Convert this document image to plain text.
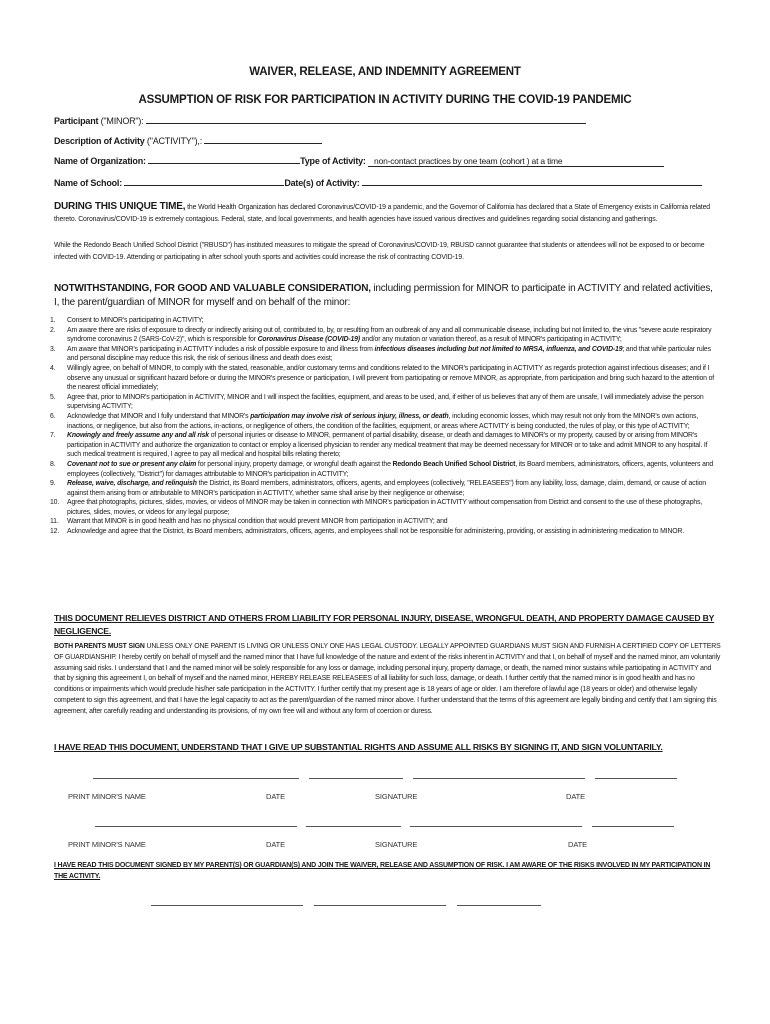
WAIVER, RELEASE, AND INDEMNITY AGREEMENT
ASSUMPTION OF RISK FOR PARTICIPATION IN ACTIVITY DURING THE COVID-19 PANDEMIC
Participant ("MINOR"):
Description of Activity ("ACTIVITY"),:
Name of Organization:	Type of Activity: non-contact practices by one team (cohort ) at a time
Name of School:	Date(s) of Activity:
DURING THIS UNIQUE TIME, the World Health Organization has declared Coronavirus/COVID-19 a pandemic, and the Governor of California has declared that a State of Emergency exists in California related thereto. Coronavirus/COVID-19 is extremely contagious. Federal, state, and local governments, and health agencies have issued various directives and guidelines regarding social distancing and gatherings.
While the Redondo Beach Unified School District ("RBUSD") has instituted measures to mitigate the spread of Coronavirus/COVID-19, RBUSD cannot guarantee that students or attendees will not be exposed to or become infected with COVID-19. Attending or participating in after school youth sports and activities could increase the risk of contracting COVID-19.
NOTWITHSTANDING, FOR GOOD AND VALUABLE CONSIDERATION, including permission for MINOR to participate in ACTIVITY and related activities, I, the parent/guardian of MINOR for myself and on behalf of the minor:
1. Consent to MINOR's participating in ACTIVITY;
2. Am aware there are risks of exposure to directly or indirectly arising out of, contributed to, by, or resulting from an outbreak of any and all communicable disease, including but not limited to, the virus "severe acute respiratory syndrome coronavirus 2 (SARS-CoV-2)", which is responsible for Coronavirus Disease (COVID-19) and/or any mutation or variation thereof, as a result of MINOR's participating in ACTIVITY;
3. Am aware that MINOR's participating in ACTIVITY includes a risk of possible exposure to and illness from infectious diseases including but not limited to MRSA, influenza, and COVID-19; and that while particular rules and personal discipline may reduce this risk, the risk of serious illness and death does exist;
4. Willingly agree, on behalf of MINOR, to comply with the stated, reasonable, and/or customary terms and conditions related to the MINOR's participating in ACTIVITY as regards protection against infectious diseases; and if I observe any unusual or significant hazard before or during the MINOR's presence or participation, I will prevent from participating or remove MINOR, as appropriate, from participation and bring such hazard to the attention of the nearest official immediately;
5. Agree that, prior to MINOR's participation in ACTIVITY, MINOR and I will inspect the facilities, equipment, and areas to be used, and, if either of us believes that any of them are unsafe, I will immediately advise the person supervising ACTIVITY;
6. Acknowledge that MINOR and I fully understand that MINOR's participation may involve risk of serious injury, illness, or death, including economic losses, which may result not only from the MINOR's own actions, inactions, or negligence, but also from the actions, in-actions, or negligence of others, the condition of the facilities, equipment, or areas where ACTIVITY is being conducted, the rules of play, or this type of ACTIVITY;
7. Knowingly and freely assume any and all risk of personal injuries or disease to MINOR, permanent of partial disability, disease, or death and damages to MINOR's or my property, caused by or arising from MINOR's participation in ACTIVITY and authorize the organization to contact or employ a licensed physician to render any medical treatment that may be deemed necessary for MINOR or to take and admit MINOR to any hospital. If such medical treatment is required, I agree to pay all medical and hospital bills relating thereto;
8. Covenant not to sue or present any claim for personal injury, property damage, or wrongful death against the Redondo Beach Unified School District, its Board members, administrators, officers, agents, volunteers and employees (collectively, "District") for damages attributable to MINOR's participation in ACTIVITY;
9. Release, waive, discharge, and relinquish the District, its Board members, administrators, officers, agents, and employees (collectively, "RELEASEES") from any liability, loss, damage, claim, demand, or cause of action against them arising from or attributable to MINOR's participation in ACTIVITY, whether same shall arise by their negligence or otherwise;
10. Agree that photographs, pictures, slides, movies, or videos of MINOR may be taken in connection with MINOR's participation in ACTIVITY without compensation from District and consent to the use of these photographs, pictures, slides, movies, or videos for any legal purpose;
11. Warrant that MINOR is in good health and has no physical condition that would prevent MINOR from participation in ACTIVITY; and
12. Acknowledge and agree that the District, its Board members, administrators, officers, agents, and employees shall not be responsible for administering, providing, or assisting in administering medication to MINOR.
THIS DOCUMENT RELIEVES DISTRICT AND OTHERS FROM LIABILITY FOR PERSONAL INJURY, DISEASE, WRONGFUL DEATH, AND PROPERTY DAMAGE CAUSED BY NEGLIGENCE.
BOTH PARENTS MUST SIGN UNLESS ONLY ONE PARENT IS LIVING OR UNLESS ONLY ONE HAS LEGAL CUSTODY. LEGALLY APPOINTED GUARDIANS MUST SIGN AND FURNISH A CERTIFIED COPY OF LETTERS OF GUARDIANSHIP. I hereby certify on behalf of myself and the named minor that I have full knowledge of the nature and extent of the risks inherent in ACTIVITY and that I, on behalf of myself and the named minor, am voluntarily assuming said risks. I understand that I and the named minor will be solely responsible for any loss or damage, including personal injury, property damage, or death, the named minor sustains while participating in ACTIVITY and that by signing this agreement I, on behalf of myself and the named minor, HEREBY RELEASE RELEASEES of all liability for such loss, damage, or death. I further certify that the named minor is in good health and has no conditions or impairments which would preclude his/her safe participation in the ACTIVITY. I further certify that my present age is 18 years of age or older. I am therefore of lawful age (18 years or older) and otherwise legally competent to sign this agreement, and that I have the legal capacity to act as the parent/guardian of the named minor above. I further understand that the terms of this agreement are legally binding and certify that I am signing this agreement, after carefully reading and understanding its provisions, of my own free will and without any form of coercion or duress.
I HAVE READ THIS DOCUMENT, UNDERSTAND THAT I GIVE UP SUBSTANTIAL RIGHTS AND ASSUME ALL RISKS BY SIGNING IT, AND SIGN VOLUNTARILY.
PRINT MINOR'S NAME	DATE	SIGNATURE	DATE
PRINT MINOR'S NAME	DATE	SIGNATURE	DATE
I HAVE READ THIS DOCUMENT SIGNED BY MY PARENT(S) OR GUARDIAN(S) AND JOIN THE WAIVER, RELEASE AND ASSUMPTION OF RISK. I AM AWARE OF THE RISKS INVOLVED IN MY PARTICIPATION IN THE ACTIVITY.
